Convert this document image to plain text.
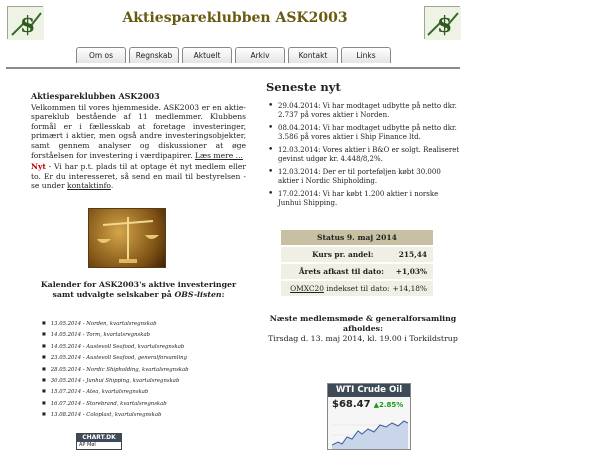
$	Aktiespareklubben ASK2003	$
Om os	Regnskab	Aktuelt	Arkiv	Kontakt	Links
Aktiespareklubben ASK2003

Velkommen til vores hjemmeside. ASK2003 er en aktie-spareklub bestående af 11 medlemmer. Klubbens formål er i fællesskab at foretage investeringer, primært i aktier, men også andre investeringsobjekter, samt gennem analyser og diskussioner at øge forståelsen for investering i værdipapirer. Læs mere ...

Nyt - Vi har p.t. plads til at optage ét nyt medlem eller to. Er du interesseret, så send en mail til bestyrelsen - se under kontaktinfo.

Kalender for ASK2003's aktive investeringer samt udvalgte selskaber på OBS-listen:
■ 13.05.2014 - Norden, kvartalsregnskab
■ 14.05.2014 - Torm, kvartalsregnskab
■ 14.05.2014 - Austevoll Seafood, kvartalsregnskab
■ 23.05.2014 - Austevoll Seafood, generalforsamling
■ 28.05.2014 - Nordic Shipholding, kvartalsregnskab
■ 30.05.2014 - Junhui Shipping, kvartalsregnskab
■ 15.07.2014 - Atea, kvartalsregnskab
■ 16.07.2014 - Storebrand, kvartalsregnskab
■ 13.08.2014 - Coloplast, kvartalsregnskab
CHART.DK
AP Møl
Seneste nyt
• 29.04.2014: Vi har modtaget udbytte på netto dkr. 2.737 på vores aktier i Norden.
• 08.04.2014: Vi har modtaget udbytte på netto dkr. 3.586 på vores aktier i Ship Finance ltd.
• 12.03.2014: Vores aktier i B&O er solgt. Realiseret gevinst udgør kr. 4.448/8,2%.
• 12.03.2014: Der er til porteføljen købt 30.000 aktier i Nordic Shipholding.
• 17.02.2014: Vi har købt 1.200 aktier i norske Junhui Shipping.
Status 9. maj 2014
Kurs pr. andel:	215,44
Årets afkast til dato:	+1,03%
OMXC20 indekset til dato: +14,18%
Næste medlemsmøde & generalforsamling afholdes:
Tirsdag d. 13. maj 2014, kl. 19.00 i Torkildstrup
WTI Crude Oil
$68.47 ▲2.85%
